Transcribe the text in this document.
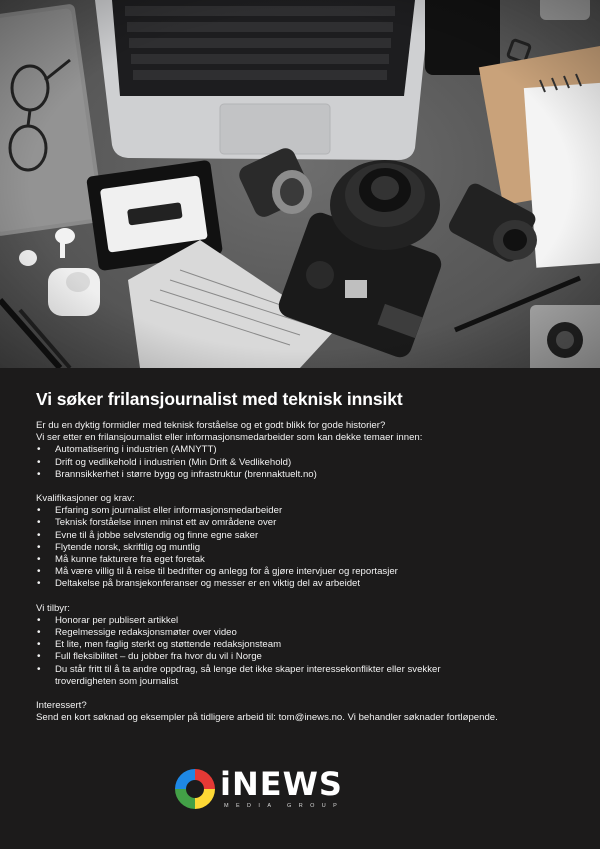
Vi søker frilansjournalist med teknisk innsikt

Er du en dyktig formidler med teknisk forståelse og et godt blikk for gode historier?

Vi ser etter en frilansjournalist eller informasjonsmedarbeider som kan dekke temaer innen:

• Automatisering i industrien (AMNYTT)
• Drift og vedlikehold i industrien (Min Drift & Vedlikehold)
• Brannsikkerhet i større bygg og infrastruktur (brennaktuelt.no)

Kvalifikasjoner og krav:

• Erfaring som journalist eller informasjonsmedarbeider
• Teknisk forståelse innen minst ett av områdene over
• Evne til å jobbe selvstendig og finne egne saker
• Flytende norsk, skriftlig og muntlig
• Må kunne fakturere fra eget foretak
• Må være villig til å reise til bedrifter og anlegg for å gjøre intervjuer og reportasjer
• Deltakelse på bransjekonferanser og messer er en viktig del av arbeidet

Vi tilbyr:

• Honorar per publisert artikkel
• Regelmessige redaksjonsmøter over video
• Et lite, men faglig sterkt og støttende redaksjonsteam
• Full fleksibilitet – du jobber fra hvor du vil i Norge
• Du står fritt til å ta andre oppdrag, så lenge det ikke skaper interessekonflikter eller svekker troverdigheten som journalist

Interessert?

Send en kort søknad og eksempler på tidligere arbeid til: tom@inews.no. Vi behandler søknader fortløpende.

iNEWS
MEDIA GROUP
